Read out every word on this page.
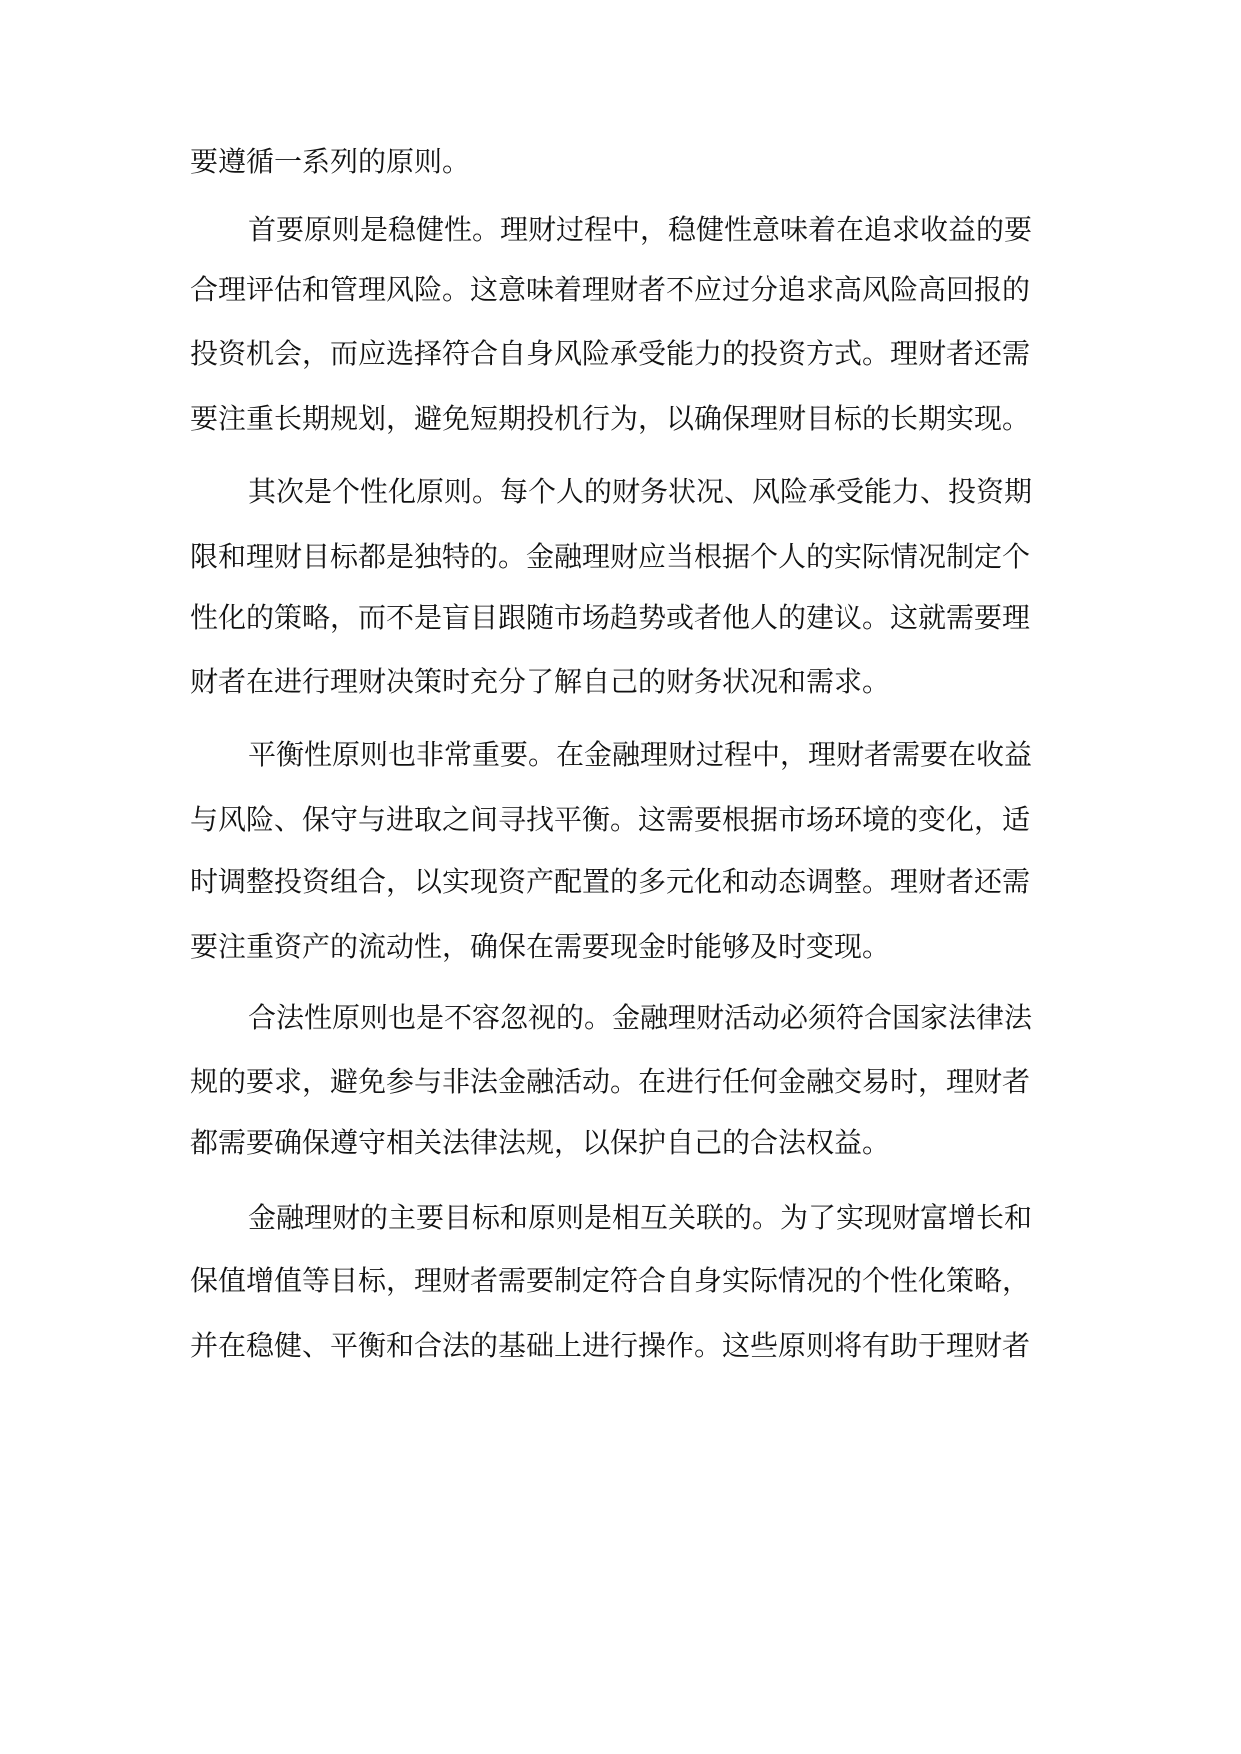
要遵循一系列的原则。
首要原则是稳健性。理财过程中，稳健性意味着在追求收益的要
合理评估和管理风险。这意味着理财者不应过分追求高风险高回报的
投资机会，而应选择符合自身风险承受能力的投资方式。理财者还需
要注重长期规划，避免短期投机行为，以确保理财目标的长期实现。
其次是个性化原则。每个人的财务状况、风险承受能力、投资期
限和理财目标都是独特的。金融理财应当根据个人的实际情况制定个
性化的策略，而不是盲目跟随市场趋势或者他人的建议。这就需要理
财者在进行理财决策时充分了解自己的财务状况和需求。
平衡性原则也非常重要。在金融理财过程中，理财者需要在收益
与风险、保守与进取之间寻找平衡。这需要根据市场环境的变化，适
时调整投资组合，以实现资产配置的多元化和动态调整。理财者还需
要注重资产的流动性，确保在需要现金时能够及时变现。
合法性原则也是不容忽视的。金融理财活动必须符合国家法律法
规的要求，避免参与非法金融活动。在进行任何金融交易时，理财者
都需要确保遵守相关法律法规，以保护自己的合法权益。
金融理财的主要目标和原则是相互关联的。为了实现财富增长和
保值增值等目标，理财者需要制定符合自身实际情况的个性化策略，
并在稳健、平衡和合法的基础上进行操作。这些原则将有助于理财者
